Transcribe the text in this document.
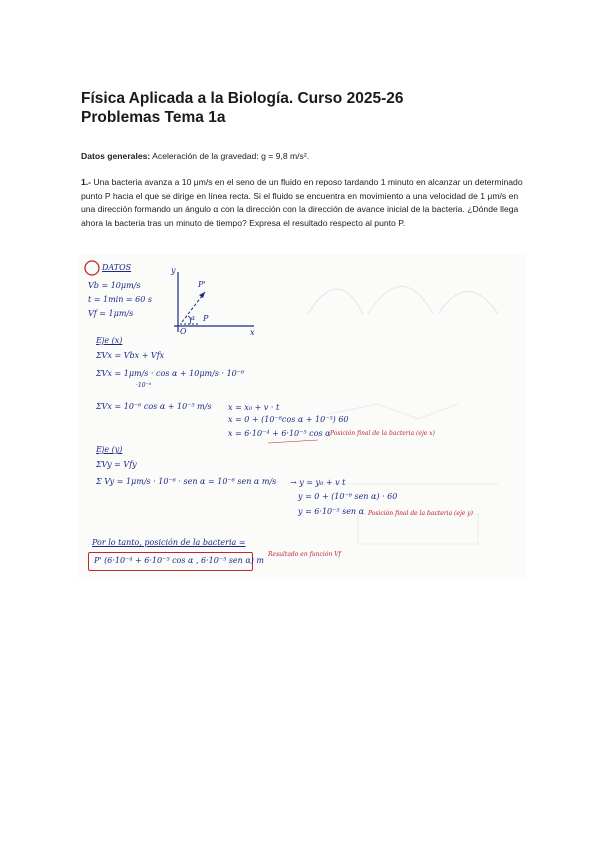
Física Aplicada a la Biología. Curso 2025-26
Problemas Tema 1a
Datos generales: Aceleración de la gravedad: g = 9,8 m/s².
1.- Una bacteria avanza a 10 μm/s en el seno de un fluido en reposo tardando 1 minuto en alcanzar un determinado punto P hacia el que se dirige en línea recta. Si el fluido se encuentra en movimiento a una velocidad de 1 μm/s en una dirección formando un ángulo α con la dirección con la dirección de avance inicial de la bacteria. ¿Dónde llega ahora la bacteria tras un minuto de tiempo? Expresa el resultado respecto al punto P.
DATOS
Vb = 10μm/s
t = 1min = 60 s
Vf = 1μm/s
y
x
P'
P
O
α
Eje (x)
ΣVx = Vbx + Vfx
ΣVx = 1μm/s · cos α + 10μm/s · 10⁻⁶
·10⁻⁶
ΣVx = 10⁻⁶ cos α + 10⁻⁵ m/s x = x₀ + v · t
x = 0 + (10⁻⁶cos α + 10⁻⁵) 60
x = 6·10⁻⁴ + 6·10⁻⁵ cos α Posición final de la bacteria (eje x)
Eje (y)
ΣVy = Vfy
Σ Vy = 1μm/s · 10⁻⁶ · sen α = 10⁻⁶ sen α m/s → y = y₀ + v t
y = 0 + (10⁻⁶ sen α) · 60
y = 6·10⁻⁵ sen α Posición final de la bacteria (eje y)
Por lo tanto, posición de la bacteria =
P' (6·10⁻⁴ + 6·10⁻⁵ cos α , 6·10⁻⁵ sen α) m
Resultado en función Vf
